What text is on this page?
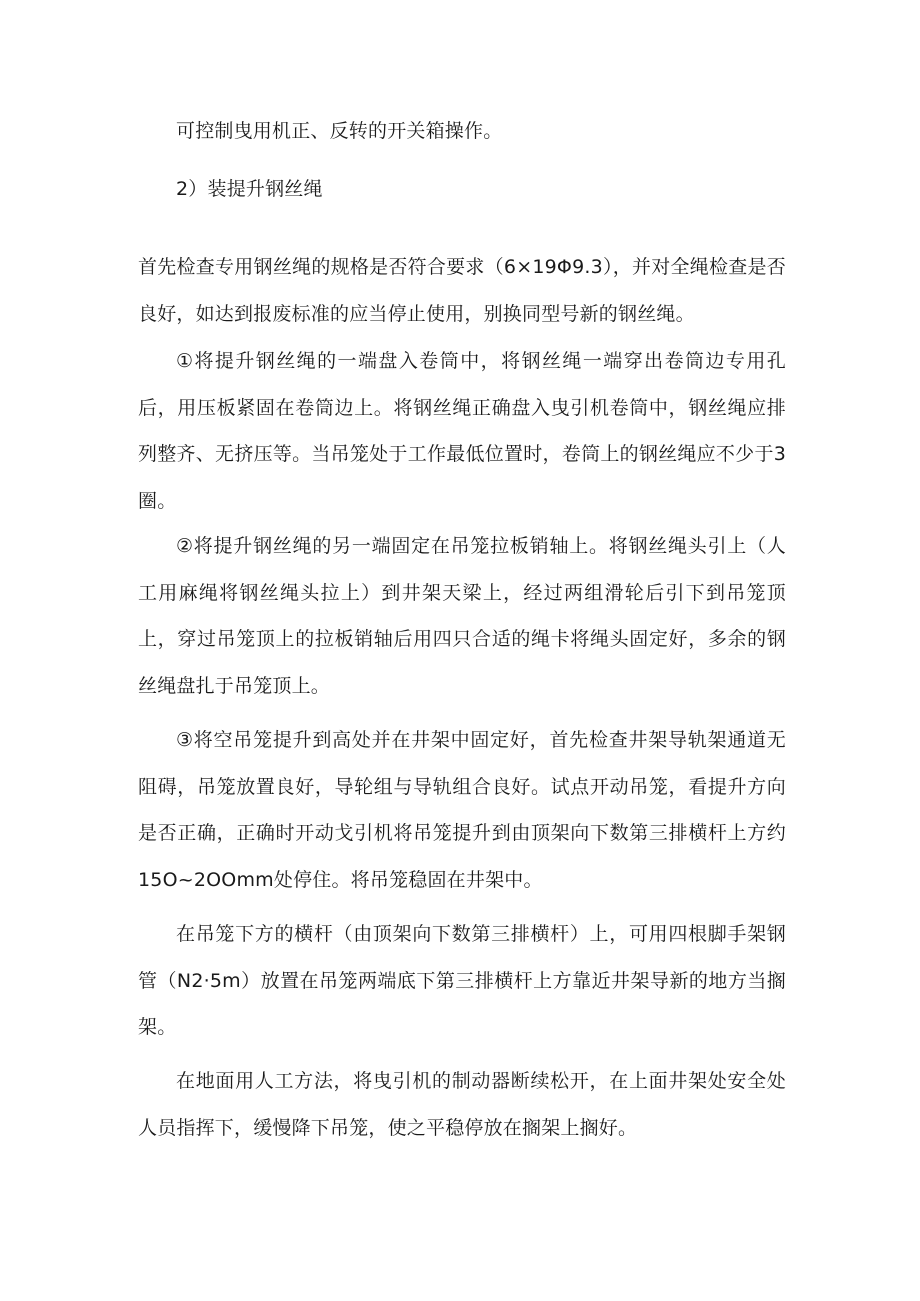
可控制曳用机正、反转的开关箱操作。

2）装提升钢丝绳

首先检查专用钢丝绳的规格是否符合要求（6×19Φ9.3），并对全绳检查是否良好，如达到报废标准的应当停止使用，别换同型号新的钢丝绳。

①将提升钢丝绳的一端盘入卷筒中，将钢丝绳一端穿出卷筒边专用孔后，用压板紧固在卷筒边上。将钢丝绳正确盘入曳引机卷筒中，钢丝绳应排列整齐、无挤压等。当吊笼处于工作最低位置时，卷筒上的钢丝绳应不少于3圈。

②将提升钢丝绳的另一端固定在吊笼拉板销轴上。将钢丝绳头引上（人工用麻绳将钢丝绳头拉上）到井架天梁上，经过两组滑轮后引下到吊笼顶上，穿过吊笼顶上的拉板销轴后用四只合适的绳卡将绳头固定好，多余的钢丝绳盘扎于吊笼顶上。

③将空吊笼提升到高处并在井架中固定好，首先检查井架导轨架通道无阻碍，吊笼放置良好，导轮组与导轨组合良好。试点开动吊笼，看提升方向是否正确，正确时开动戈引机将吊笼提升到由顶架向下数第三排横杆上方约15O~2OOmm处停住。将吊笼稳固在井架中。

在吊笼下方的横杆（由顶架向下数第三排横杆）上，可用四根脚手架钢管（N2·5m）放置在吊笼两端底下第三排横杆上方靠近井架导新的地方当搁架。

在地面用人工方法，将曳引机的制动器断续松开，在上面井架处安全处人员指挥下，缓慢降下吊笼，使之平稳停放在搁架上搁好。
